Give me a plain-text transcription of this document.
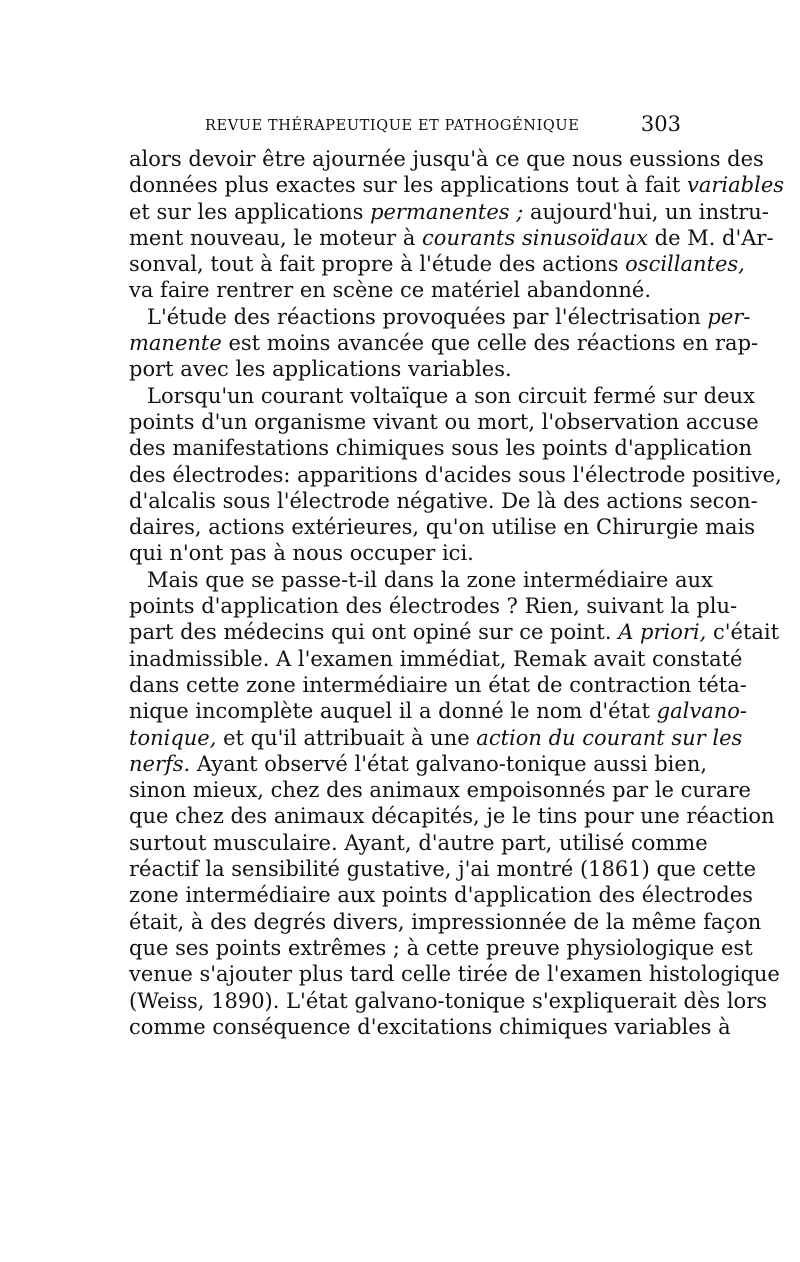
REVUE THÉRAPEUTIQUE ET PATHOGÉNIQUE	303
alors devoir être ajournée jusqu'à ce que nous eussions des
données plus exactes sur les applications tout à fait variables
et sur les applications permanentes ; aujourd'hui, un instru-
ment nouveau, le moteur à courants sinusoïdaux de M. d'Ar-
sonval, tout à fait propre à l'étude des actions oscillantes,
va faire rentrer en scène ce matériel abandonné.
L'étude des réactions provoquées par l'électrisation per-
manente est moins avancée que celle des réactions en rap-
port avec les applications variables.
Lorsqu'un courant voltaïque a son circuit fermé sur deux
points d'un organisme vivant ou mort, l'observation accuse
des manifestations chimiques sous les points d'application
des électrodes: apparitions d'acides sous l'électrode positive,
d'alcalis sous l'électrode négative. De là des actions secon-
daires, actions extérieures, qu'on utilise en Chirurgie mais
qui n'ont pas à nous occuper ici.
Mais que se passe-t-il dans la zone intermédiaire aux
points d'application des électrodes ? Rien, suivant la plu-
part des médecins qui ont opiné sur ce point. A priori, c'était
inadmissible. A l'examen immédiat, Remak avait constaté
dans cette zone intermédiaire un état de contraction téta-
nique incomplète auquel il a donné le nom d'état galvano-
tonique, et qu'il attribuait à une action du courant sur les
nerfs. Ayant observé l'état galvano-tonique aussi bien,
sinon mieux, chez des animaux empoisonnés par le curare
que chez des animaux décapités, je le tins pour une réaction
surtout musculaire. Ayant, d'autre part, utilisé comme
réactif la sensibilité gustative, j'ai montré (1861) que cette
zone intermédiaire aux points d'application des électrodes
était, à des degrés divers, impressionnée de la même façon
que ses points extrêmes ; à cette preuve physiologique est
venue s'ajouter plus tard celle tirée de l'examen histologique
(Weiss, 1890). L'état galvano-tonique s'expliquerait dès lors
comme conséquence d'excitations chimiques variables à
